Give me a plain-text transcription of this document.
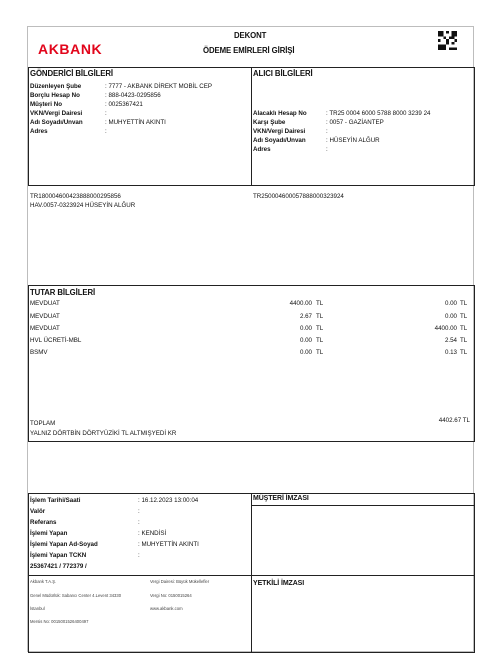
AKBANK
DEKONT
ÖDEME EMİRLERİ GİRİŞİ
GÖNDERİCİ BİLGİLERİ
Düzenleyen Şube	: 7777 - AKBANK DİREKT MOBİL CEP
Borçlu Hesap No	: 888-0423-0295856
Müşteri No	: 0025367421
VKN/Vergi Dairesi	:
Adı Soyadı/Unvan	: MUHYETTİN AKINTI
Adres	:
ALICI BİLGİLERİ
Alacaklı Hesap No	: TR25 0004 6000 5788 8000 3239 24
Karşı Şube	: 0057 - GAZİANTEP
VKN/Vergi Dairesi	:
Adı Soyadı/Unvan	: HÜSEYİN ALĞUR
Adres	:
TR180004600423888000295856	TR250004600057888000323924
HAV.0057-0323924 HÜSEYİN ALĞUR
TUTAR BİLGİLERİ
MEVDUAT	4400.00 TL	0.00 TL
MEVDUAT	2.67 TL	0.00 TL
MEVDUAT	0.00 TL	4400.00 TL
HVL ÜCRETİ-MBL	0.00 TL	2.54 TL
BSMV	0.00 TL	0.13 TL
TOPLAM	4402.67 TL
YALNIZ DÖRTBİN DÖRTYÜZİKİ TL ALTMIŞYEDİ KR
İşlem Tarihi/Saati	: 16.12.2023 13:00:04
Valör	:
Referans	:
İşlemi Yapan	: KENDİSİ
İşlemi Yapan Ad-Soyad	: MUHYETTİN AKINTI
İşlemi Yapan TCKN	:
25367421 / 772379 /
MÜŞTERİ İMZASI
YETKİLİ İMZASI
Akbank T.A.Ş.
Genel Müdürlük: Sabancı Center 4.Levent 34330
İstanbul
Mersis No: 0015001526400497
Vergi Dairesi: Büyük Mükellefler
Vergi No: 0150015264
www.akbank.com
